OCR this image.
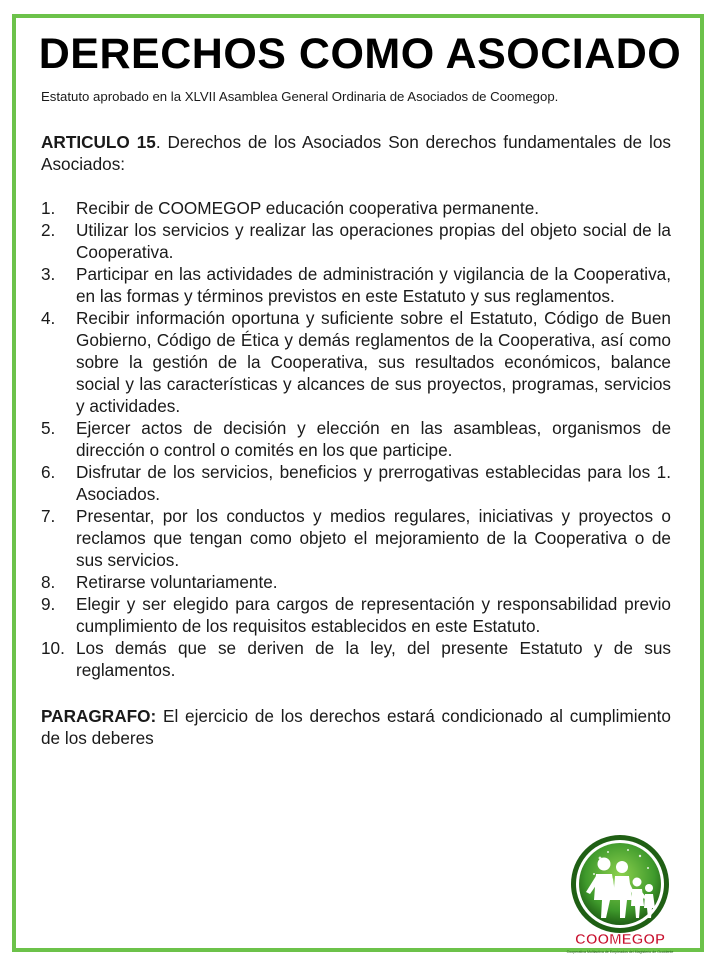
DERECHOS COMO ASOCIADO
Estatuto aprobado en la XLVII Asamblea General Ordinaria de Asociados de Coomegop.
ARTICULO 15. Derechos de los Asociados Son derechos fundamentales de los Asociados:
1. Recibir de COOMEGOP educación cooperativa permanente.
2. Utilizar los servicios y realizar las operaciones propias del objeto social de la Cooperativa.
3. Participar en las actividades de administración y vigilancia de la Cooperativa, en las formas y términos previstos en este Estatuto y sus reglamentos.
4. Recibir información oportuna y suficiente sobre el Estatuto, Código de Buen Gobierno, Código de Ética y demás reglamentos de la Cooperativa, así como sobre la gestión de la Cooperativa, sus resultados económicos, balance social y las características y alcances de sus proyectos, programas, servicios y actividades.
5. Ejercer actos de decisión y elección en las asambleas, organismos de dirección o control o comités en los que participe.
6. Disfrutar de los servicios, beneficios y prerrogativas establecidas para los 1. Asociados.
7. Presentar, por los conductos y medios regulares, iniciativas y proyectos o reclamos que tengan como objeto el mejoramiento de la Cooperativa o de sus servicios.
8. Retirarse voluntariamente.
9. Elegir y ser elegido para cargos de representación y responsabilidad previo cumplimiento de los requisitos establecidos en este Estatuto.
10. Los demás que se deriven de la ley, del presente Estatuto y de sus reglamentos.
PARAGRAFO: El ejercicio de los derechos estará condicionado al cumplimiento de los deberes
COOMEGOP
Cooperativa Multiactiva de Empleados del Magisterio de Occidente
